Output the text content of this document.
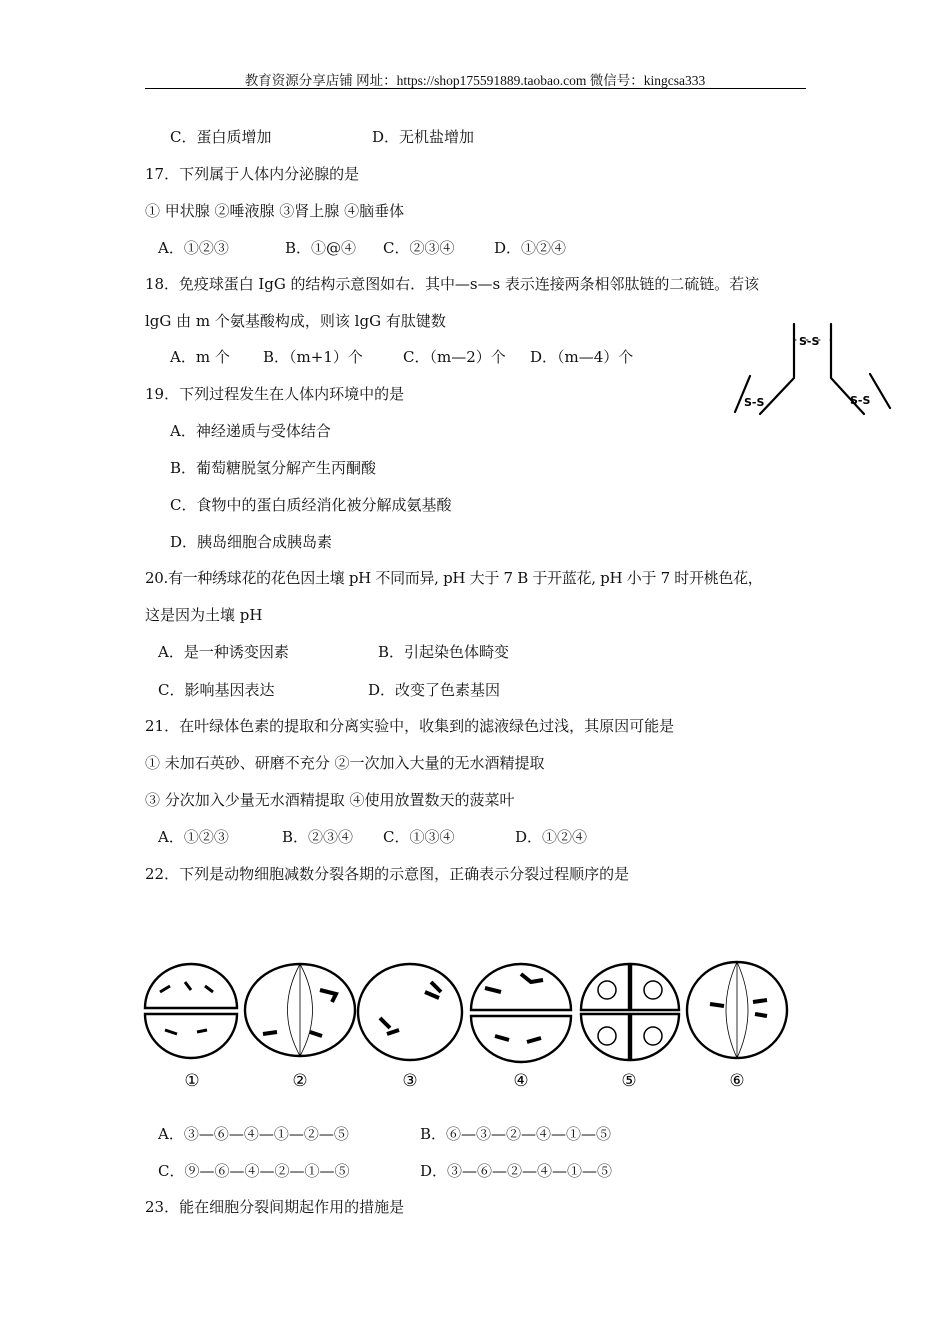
教育资源分享店铺 网址：https://shop175591889.taobao.com 微信号：kingcsa333
C．蛋白质增加	D．无机盐增加
17．下列属于人体内分泌腺的是
① 甲状腺 ②唾液腺 ③肾上腺 ④脑垂体
A．①②③	B．①@④ C．②③④	D．①②④
18．免疫球蛋白 IgG 的结构示意图如右．其中—s—s 表示连接两条相邻肽链的二硫链。若该
lgG 由 m 个氨基酸构成，则该 lgG 有肽键数
A．m 个 B．（m+1）个	C．（m—2）个 D．（m—4）个
S-S
S-S	S-S
19．下列过程发生在人体内环境中的是
A．神经递质与受体结合
B．葡萄糖脱氢分解产生丙酮酸
C．食物中的蛋白质经消化被分解成氨基酸
D．胰岛细胞合成胰岛素
20.有一种绣球花的花色因土壤 pH 不同而异, pH 大于 7 B 于开蓝花, pH 小于 7 时开桃色花，
这是因为土壤 pH
A．是一种诱变因素	B．引起染色体畸变
C．影响基因表达	D．改变了色素基因
21．在叶绿体色素的提取和分离实验中，收集到的滤液绿色过浅，其原因可能是
① 未加石英砂、研磨不充分 ②一次加入大量的无水酒精提取
③ 分次加入少量无水酒精提取 ④使用放置数天的菠菜叶
A．①②③	B．②③④ C．①③④	D．①②④
22．下列是动物细胞减数分裂各期的示意图，正确表示分裂过程顺序的是
①	②	③	④	⑤	⑥
A．③—⑥—④—①—②—⑤	B．⑥—③—②—④—①—⑤
C．⑨—⑥—④—②—①—⑤	D．③—⑥—②—④—①—⑤
23．能在细胞分裂间期起作用的措施是
